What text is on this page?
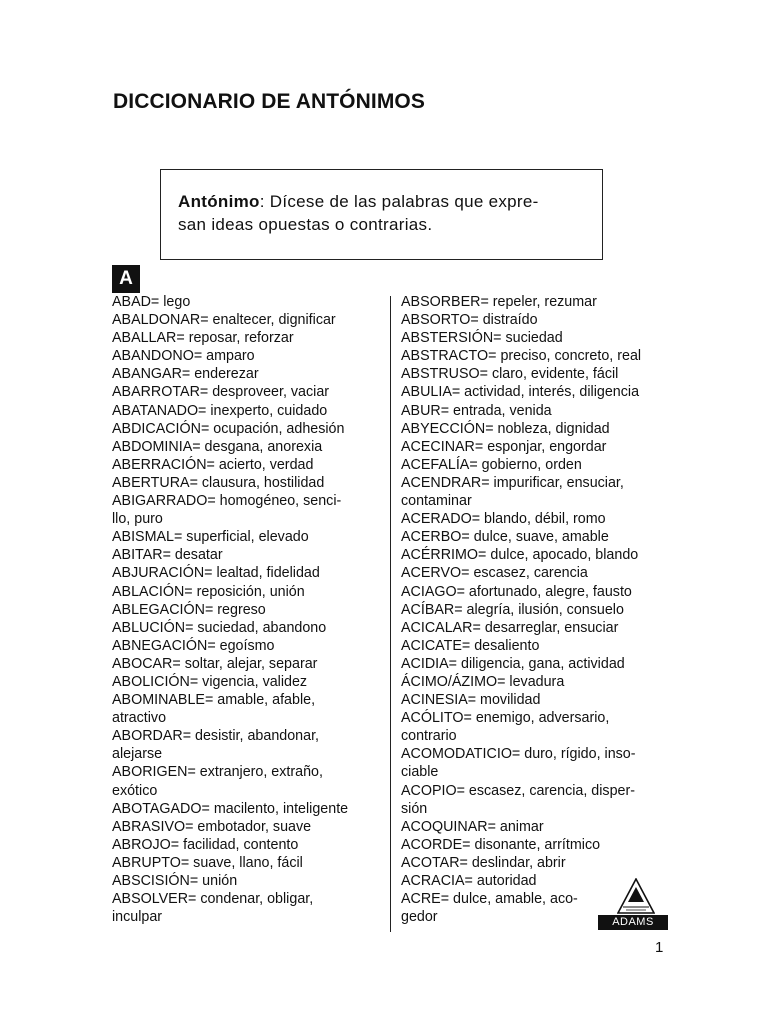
DICCIONARIO DE ANTÓNIMOS
Antónimo: Dícese de las palabras que expre-
san ideas opuestas o contrarias.
A

ABAD= lego

ABALDONAR= enaltecer, dignificar

ABALLAR= reposar, reforzar

ABANDONO= amparo

ABANGAR= enderezar

ABARROTAR= desproveer, vaciar

ABATANADO= inexperto, cuidado

ABDICACIÓN= ocupación, adhesión

ABDOMINIA= desgana, anorexia

ABERRACIÓN= acierto, verdad

ABERTURA= clausura, hostilidad

ABIGARRADO= homogéneo, senci-

llo, puro

ABISMAL= superficial, elevado

ABITAR= desatar

ABJURACIÓN= lealtad, fidelidad

ABLACIÓN= reposición, unión

ABLEGACIÓN= regreso

ABLUCIÓN= suciedad, abandono

ABNEGACIÓN= egoísmo

ABOCAR= soltar, alejar, separar

ABOLICIÓN= vigencia, validez

ABOMINABLE= amable, afable,

atractivo

ABORDAR= desistir, abandonar,

alejarse

ABORIGEN= extranjero, extraño,

exótico

ABOTAGADO= macilento, inteligente

ABRASIVO= embotador, suave

ABROJO= facilidad, contento

ABRUPTO= suave, llano, fácil

ABSCISIÓN= unión

ABSOLVER= condenar, obligar,

inculpar

ABSORBER= repeler, rezumar

ABSORTO= distraído

ABSTERSIÓN= suciedad

ABSTRACTO= preciso, concreto, real

ABSTRUSO= claro, evidente, fácil

ABULIA= actividad, interés, diligencia

ABUR= entrada, venida

ABYECCIÓN= nobleza, dignidad

ACECINAR= esponjar, engordar

ACEFALÍA= gobierno, orden

ACENDRAR= impurificar, ensuciar,

contaminar

ACERADO= blando, débil, romo

ACERBO= dulce, suave, amable

ACÉRRIMO= dulce, apocado, blando

ACERVO= escasez, carencia

ACIAGO= afortunado, alegre, fausto

ACÍBAR= alegría, ilusión, consuelo

ACICALAR= desarreglar, ensuciar

ACICATE= desaliento

ACIDIA= diligencia, gana, actividad

ÁCIMO/ÁZIMO= levadura

ACINESIA= movilidad

ACÓLITO= enemigo, adversario,

contrario

ACOMODATICIO= duro, rígido, inso-

ciable

ACOPIO= escasez, carencia, disper-

sión

ACOQUINAR= animar

ACORDE= disonante, arrítmico

ACOTAR= deslindar, abrir

ACRACIA= autoridad

ACRE= dulce, amable, aco-

gedor	ADAMS
1
